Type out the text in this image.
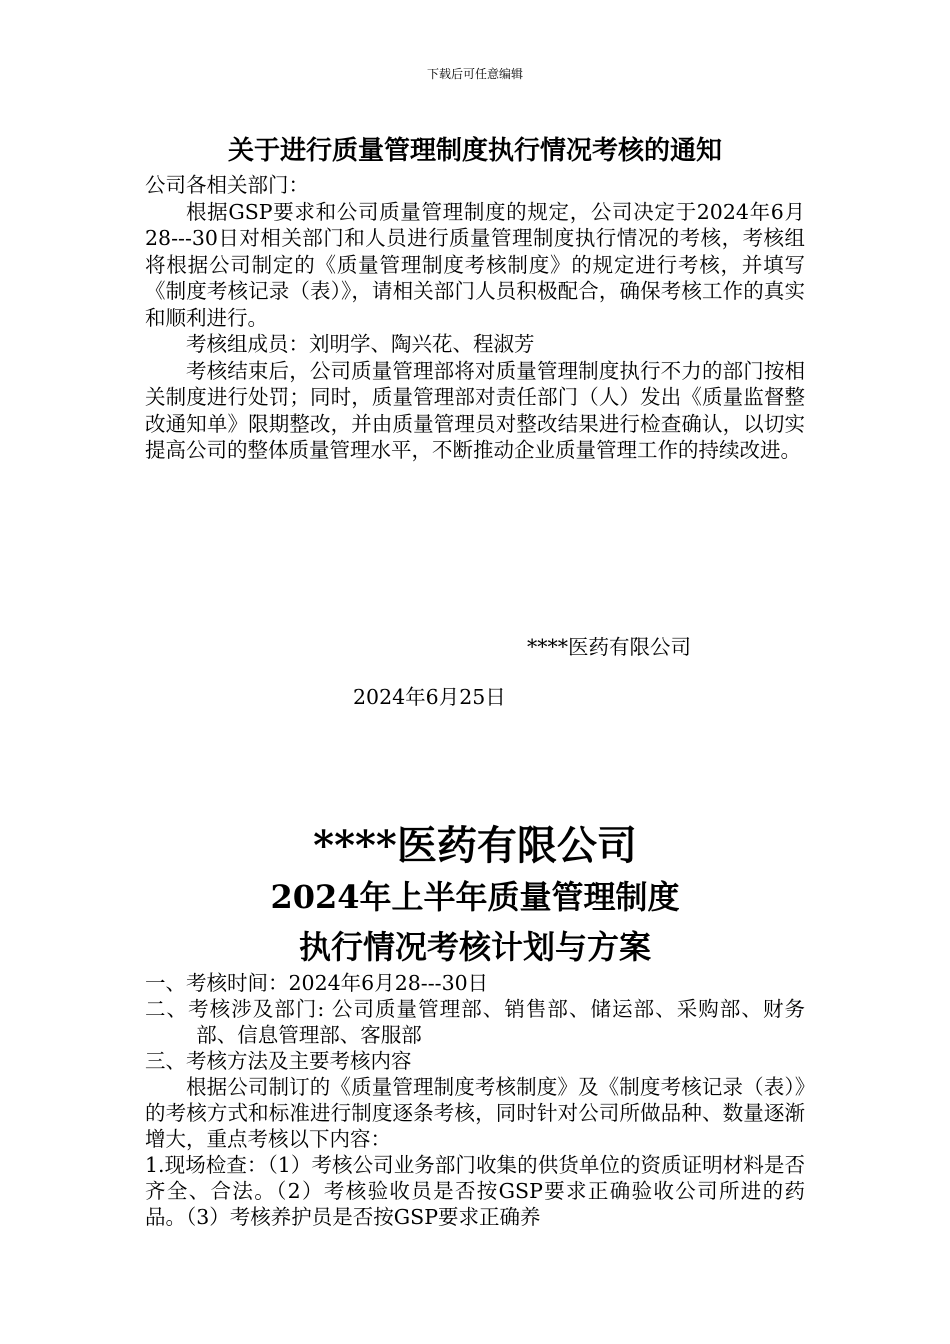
下载后可任意编辑
关于进行质量管理制度执行情况考核的通知

公司各相关部门：

根据GSP要求和公司质量管理制度的规定，公司决定于2024年6月28---30日对相关部门和人员进行质量管理制度执行情况的考核，考核组将根据公司制定的《质量管理制度考核制度》的规定进行考核，并填写《制度考核记录（表）》，请相关部门人员积极配合，确保考核工作的真实和顺利进行。

考核组成员：刘明学、陶兴花、程淑芳

考核结束后，公司质量管理部将对质量管理制度执行不力的部门按相关制度进行处罚；同时，质量管理部对责任部门（人）发出《质量监督整改通知单》限期整改，并由质量管理员对整改结果进行检查确认，以切实提高公司的整体质量管理水平，不断推动企业质量管理工作的持续改进。

****医药有限公司
2024年6月25日
****医药有限公司
2024年上半年质量管理制度
执行情况考核计划与方案

一、考核时间：2024年6月28---30日

二、考核涉及部门: 公司质量管理部、销售部、储运部、采购部、财务部、信息管理部、客服部

三、考核方法及主要考核内容

根据公司制订的《质量管理制度考核制度》及《制度考核记录（表）》的考核方式和标准进行制度逐条考核，同时针对公司所做品种、数量逐渐增大，重点考核以下内容：

1.现场检查：（1）考核公司业务部门收集的供货单位的资质证明材料是否齐全、合法。（2）考核验收员是否按GSP要求正确验收公司所进的药品。（3）考核养护员是否按GSP要求正确养
